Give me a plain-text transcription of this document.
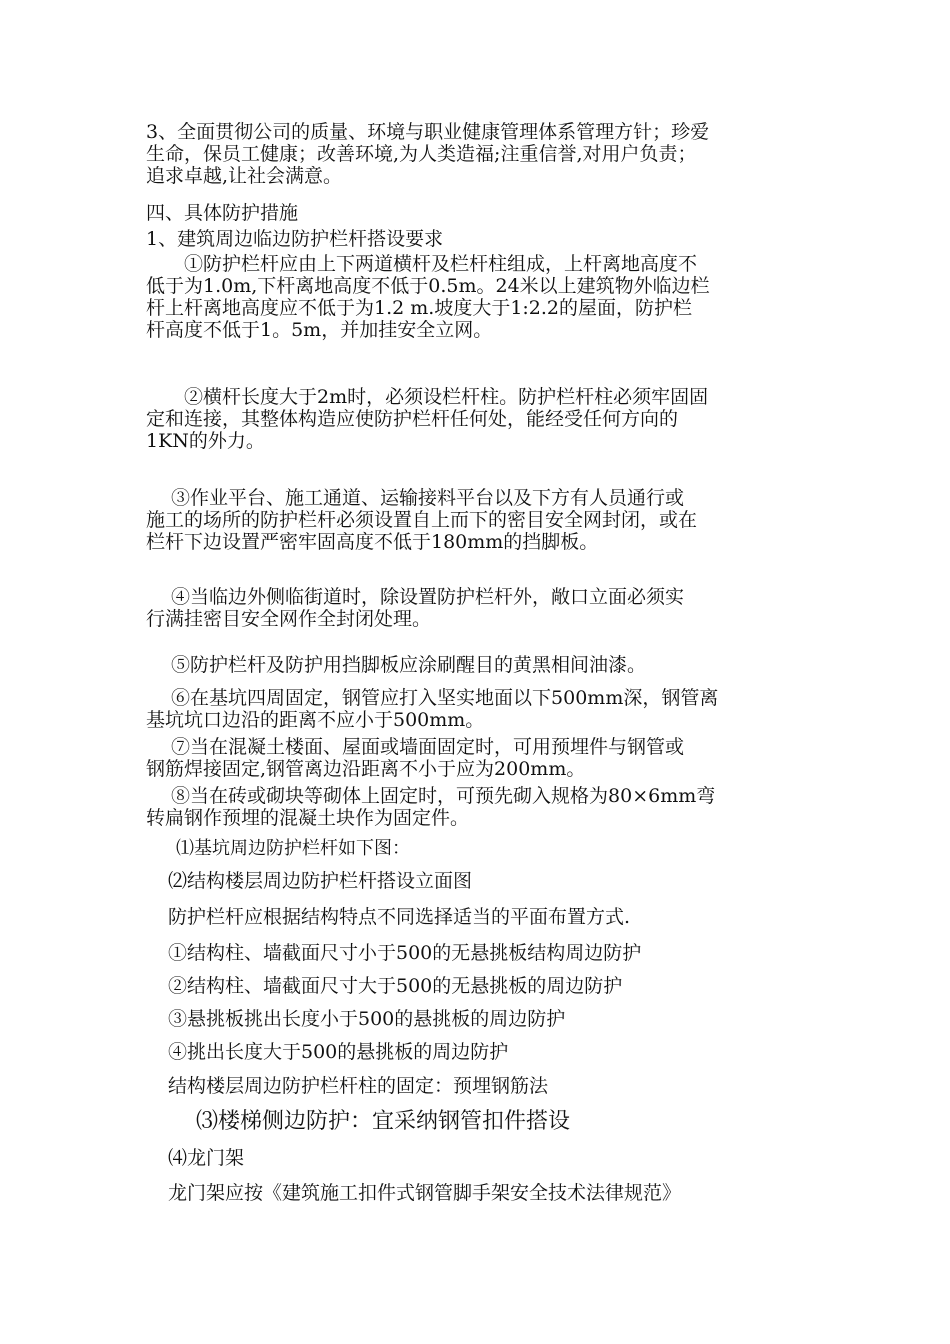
3、全面贯彻公司的质量、环境与职业健康管理体系管理方针；珍爱
生命，保员工健康；改善环境,为人类造福;注重信誉,对用户负责；
追求卓越,让社会满意。
四、具体防护措施
1、建筑周边临边防护栏杆搭设要求
　　①防护栏杆应由上下两道横杆及栏杆柱组成，上杆离地高度不
低于为1.0m,下杆离地高度不低于0.5m。24米以上建筑物外临边栏
杆上杆离地高度应不低于为1.2 m.坡度大于1:2.2的屋面，防护栏
杆高度不低于1。5m，并加挂安全立网。
　　②横杆长度大于2m时，必须设栏杆柱。防护栏杆柱必须牢固固
定和连接，其整体构造应使防护栏杆任何处，能经受任何方向的
1KN的外力。
　 ③作业平台、施工通道、运输接料平台以及下方有人员通行或
施工的场所的防护栏杆必须设置自上而下的密目安全网封闭，或在
栏杆下边设置严密牢固高度不低于180mm的挡脚板。
　 ④当临边外侧临街道时，除设置防护栏杆外，敞口立面必须实
行满挂密目安全网作全封闭处理。
　 ⑤防护栏杆及防护用挡脚板应涂刷醒目的黄黑相间油漆。
　 ⑥在基坑四周固定，钢管应打入坚实地面以下500mm深，钢管离
基坑坑口边沿的距离不应小于500mm。
　 ⑦当在混凝土楼面、屋面或墙面固定时，可用预埋件与钢管或
钢筋焊接固定,钢管离边沿距离不小于应为200mm。
　 ⑧当在砖或砌块等砌体上固定时，可预先砌入规格为80×6mm弯
转扁钢作预埋的混凝土块作为固定件。
　⑴基坑周边防护栏杆如下图：
⑵结构楼层周边防护栏杆搭设立面图
防护栏杆应根据结构特点不同选择适当的平面布置方式.
①结构柱、墙截面尺寸小于500的无悬挑板结构周边防护
②结构柱、墙截面尺寸大于500的无悬挑板的周边防护
③悬挑板挑出长度小于500的悬挑板的周边防护
④挑出长度大于500的悬挑板的周边防护
结构楼层周边防护栏杆柱的固定：预埋钢筋法
⑶楼梯侧边防护：宜采纳钢管扣件搭设
⑷龙门架
龙门架应按《建筑施工扣件式钢管脚手架安全技术法律规范》
